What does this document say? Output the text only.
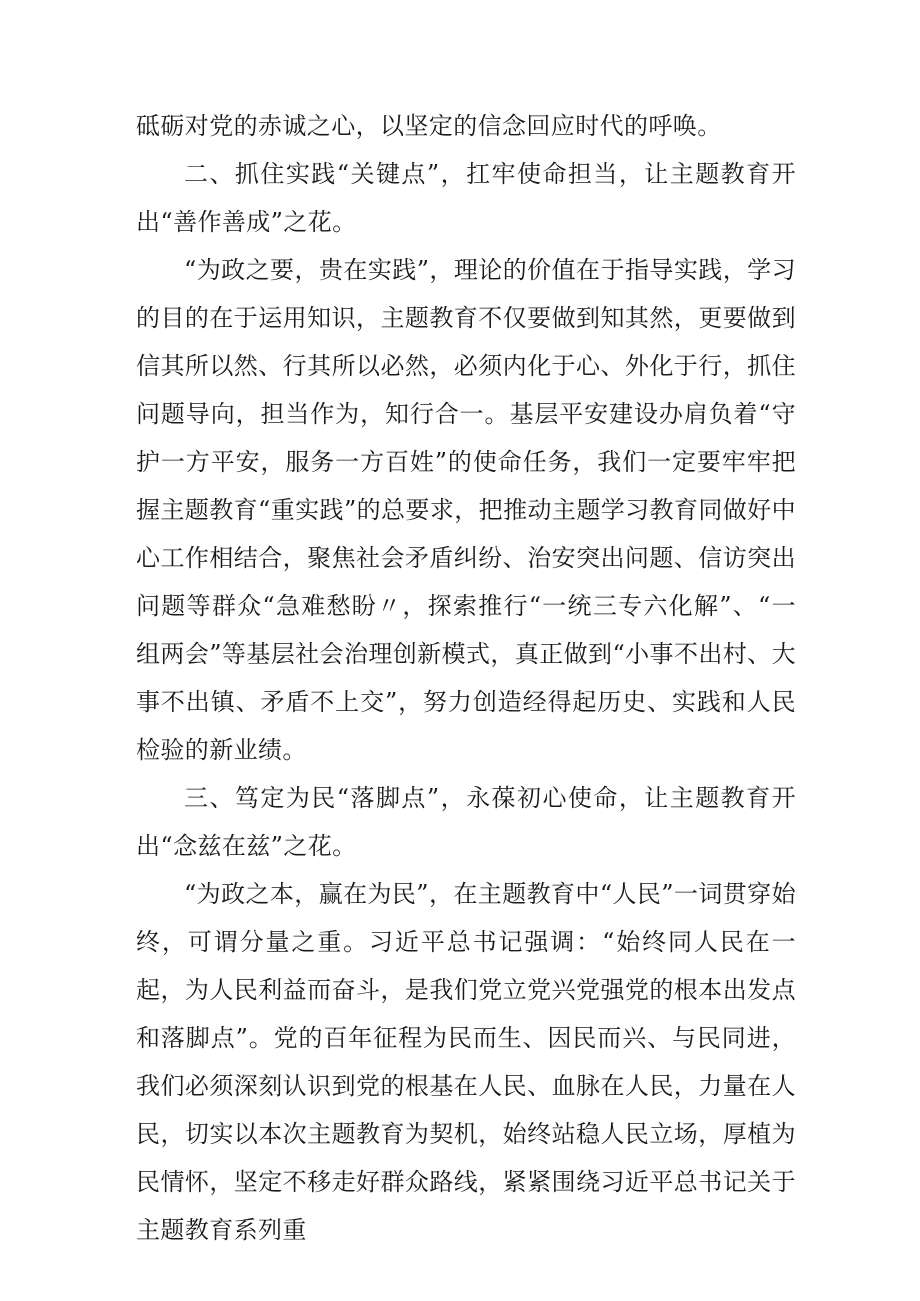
砥砺对党的赤诚之心，以坚定的信念回应时代的呼唤。

二、抓住实践“关键点”，扛牢使命担当，让主题教育开出“善作善成”之花。

“为政之要，贵在实践”，理论的价值在于指导实践，学习的目的在于运用知识，主题教育不仅要做到知其然，更要做到信其所以然、行其所以必然，必须内化于心、外化于行，抓住问题导向，担当作为，知行合一。基层平安建设办肩负着“守护一方平安，服务一方百姓”的使命任务，我们一定要牢牢把握主题教育“重实践”的总要求，把推动主题学习教育同做好中心工作相结合，聚焦社会矛盾纠纷、治安突出问题、信访突出问题等群众“急难愁盼〃，探索推行“一统三专六化解”、“一组两会”等基层社会治理创新模式，真正做到“小事不出村、大事不出镇、矛盾不上交”，努力创造经得起历史、实践和人民检验的新业绩。

三、笃定为民“落脚点”，永葆初心使命，让主题教育开出“念兹在兹”之花。

“为政之本，赢在为民”，在主题教育中“人民”一词贯穿始终，可谓分量之重。习近平总书记强调：“始终同人民在一起，为人民利益而奋斗，是我们党立党兴党强党的根本出发点和落脚点”。党的百年征程为民而生、因民而兴、与民同进，我们必须深刻认识到党的根基在人民、血脉在人民，力量在人民，切实以本次主题教育为契机，始终站稳人民立场，厚植为民情怀，坚定不移走好群众路线，紧紧围绕习近平总书记关于主题教育系列重
